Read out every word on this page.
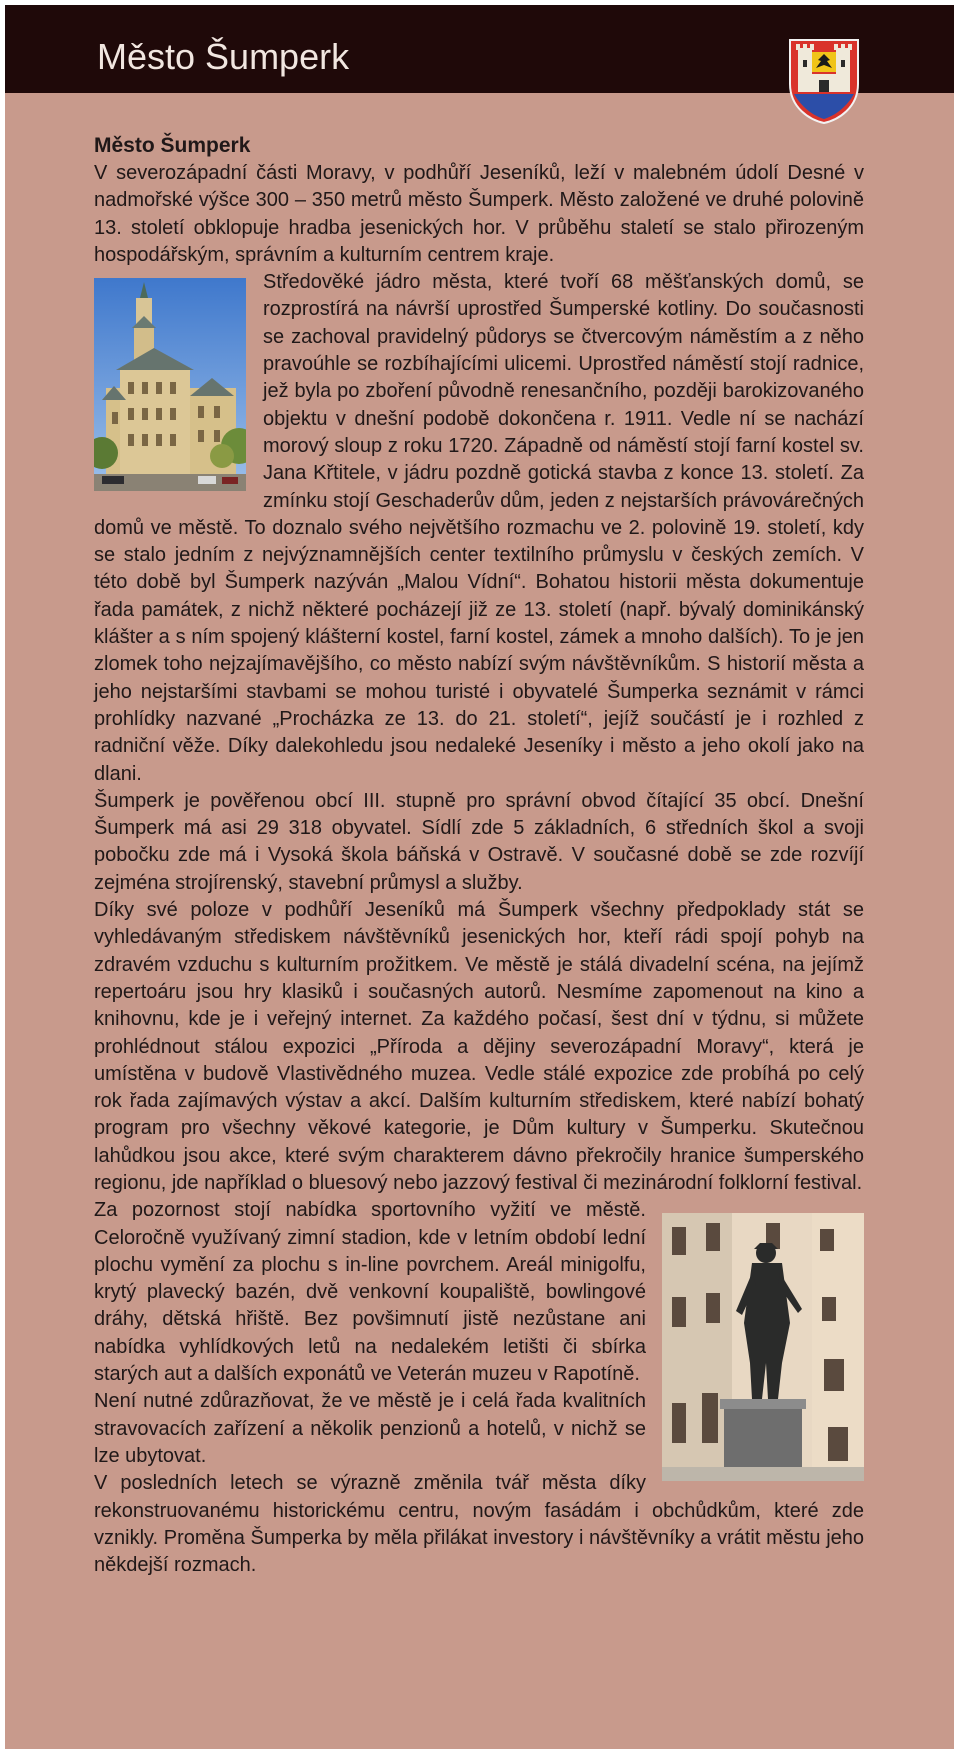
Město Šumperk
Město Šumperk

V severozápadní části Moravy, v podhůří Jeseníků, leží v malebném údolí Desné v nadmořské výšce 300 – 350 metrů město Šumperk. Město založené ve druhé polovině 13. století obklopuje hradba jesenických hor. V průběhu staletí se stalo přirozeným hospodářským, správním a kulturním centrem kraje.

Středověké jádro města, které tvoří 68 měšťanských domů, se rozprostírá na návrší uprostřed Šumperské kotliny. Do současnosti se zachoval pravidelný půdorys se čtvercovým náměstím a z něho pravoúhle se rozbíhajícími ulicemi. Uprostřed náměstí stojí radnice, jež byla po zboření původně renesančního, později barokizovaného objektu v dnešní podobě dokončena r. 1911. Vedle ní se nachází morový sloup z roku 1720. Západně od náměstí stojí farní kostel sv. Jana Křtitele, v jádru pozdně gotická stavba z konce 13. století. Za zmínku stojí Geschaderův dům, jeden z nejstarších právovárečných domů ve městě. To doznalo svého největšího rozmachu ve 2. polovině 19. století, kdy se stalo jedním z nejvýznamnějších center textilního průmyslu v českých zemích. V této době byl Šumperk nazýván „Malou Vídní“. Bohatou historii města dokumentuje řada památek, z nichž některé pocházejí již ze 13. století (např. bývalý dominikánský klášter a s ním spojený klášterní kostel, farní kostel, zámek a mnoho dalších). To je jen zlomek toho nejzajímavějšího, co město nabízí svým návštěvníkům. S historií města a jeho nejstaršími stavbami se mohou turisté i obyvatelé Šumperka seznámit v rámci prohlídky nazvané „Procházka ze 13. do 21. století“, jejíž součástí je i rozhled z radniční věže. Díky dalekohledu jsou nedaleké Jeseníky i město a jeho okolí jako na dlani.

Šumperk je pověřenou obcí III. stupně pro správní obvod čítající 35 obcí. Dnešní Šumperk má asi 29 318 obyvatel. Sídlí zde 5 základních, 6 středních škol a svoji pobočku zde má i Vysoká škola báňská v Ostravě. V současné době se zde rozvíjí zejména strojírenský, stavební průmysl a služby.

Díky své poloze v podhůří Jeseníků má Šumperk všechny předpoklady stát se vyhledávaným střediskem návštěvníků jesenických hor, kteří rádi spojí pohyb na zdravém vzduchu s kulturním prožitkem. Ve městě je stálá divadelní scéna, na jejímž repertoáru jsou hry klasiků i současných autorů. Nesmíme zapomenout na kino a knihovnu, kde je i veřejný internet. Za každého počasí, šest dní v týdnu, si můžete prohlédnout stálou expozici „Příroda a dějiny severozápadní Moravy“, která je umístěna v budově Vlastivědného muzea. Vedle stálé expozice zde probíhá po celý rok řada zajímavých výstav a akcí. Dalším kulturním střediskem, které nabízí bohatý program pro všechny věkové kategorie, je Dům kultury v Šumperku. Skutečnou lahůdkou jsou akce, které svým charakterem dávno překročily hranice šumperského regionu, jde například o bluesový nebo jazzový festival či mezinárodní folklorní festival.

Za pozornost stojí nabídka sportovního vyžití ve městě. Celoročně využívaný zimní stadion, kde v letním období lední plochu vymění za plochu s in-line povrchem. Areál minigolfu, krytý plavecký bazén, dvě venkovní koupaliště, bowlingové dráhy, dětská hřiště. Bez povšimnutí jistě nezůstane ani nabídka vyhlídkových letů na nedalekém letišti či sbírka starých aut a dalších exponátů ve Veterán muzeu v Rapotíně.

Není nutné zdůrazňovat, že ve městě je i celá řada kvalitních stravovacích zařízení a několik penzionů a hotelů, v nichž se lze ubytovat.

V posledních letech se výrazně změnila tvář města díky rekonstruovanému historickému centru, novým fasádám i obchůdkům, které zde vznikly. Proměna Šumperka by měla přilákat investory i návštěvníky a vrátit městu jeho někdejší rozmach.
